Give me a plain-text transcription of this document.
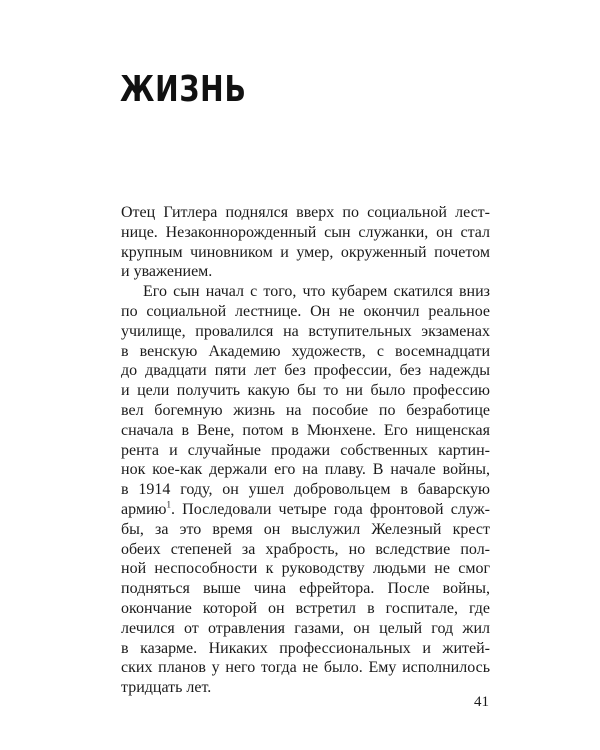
ЖИЗНЬ
Отец Гитлера поднялся вверх по социальной лест-
нице. Незаконнорожденный сын служанки, он стал
крупным чиновником и умер, окруженный почетом
и уважением.
Его сын начал с того, что кубарем скатился вниз
по социальной лестнице. Он не окончил реальное
училище, провалился на вступительных экзаменах
в венскую Академию художеств, с восемнадцати
до двадцати пяти лет без профессии, без надежды
и цели получить какую бы то ни было профессию
вел богемную жизнь на пособие по безработице
сначала в Вене, потом в Мюнхене. Его нищенская
рента и случайные продажи собственных картин-
нок кое-как держали его на плаву. В начале войны,
в 1914 году, он ушел добровольцем в баварскую
армию$^1$. Последовали четыре года фронтовой служ-
бы, за это время он выслужил Железный крест
обеих степеней за храбрость, но вследствие пол-
ной неспособности к руководству людьми не смог
подняться выше чина ефрейтора. После войны,
окончание которой он встретил в госпитале, где
лечился от отравления газами, он целый год жил
в казарме. Никаких профессиональных и житей-
ских планов у него тогда не было. Ему исполнилось
тридцать лет.
41
